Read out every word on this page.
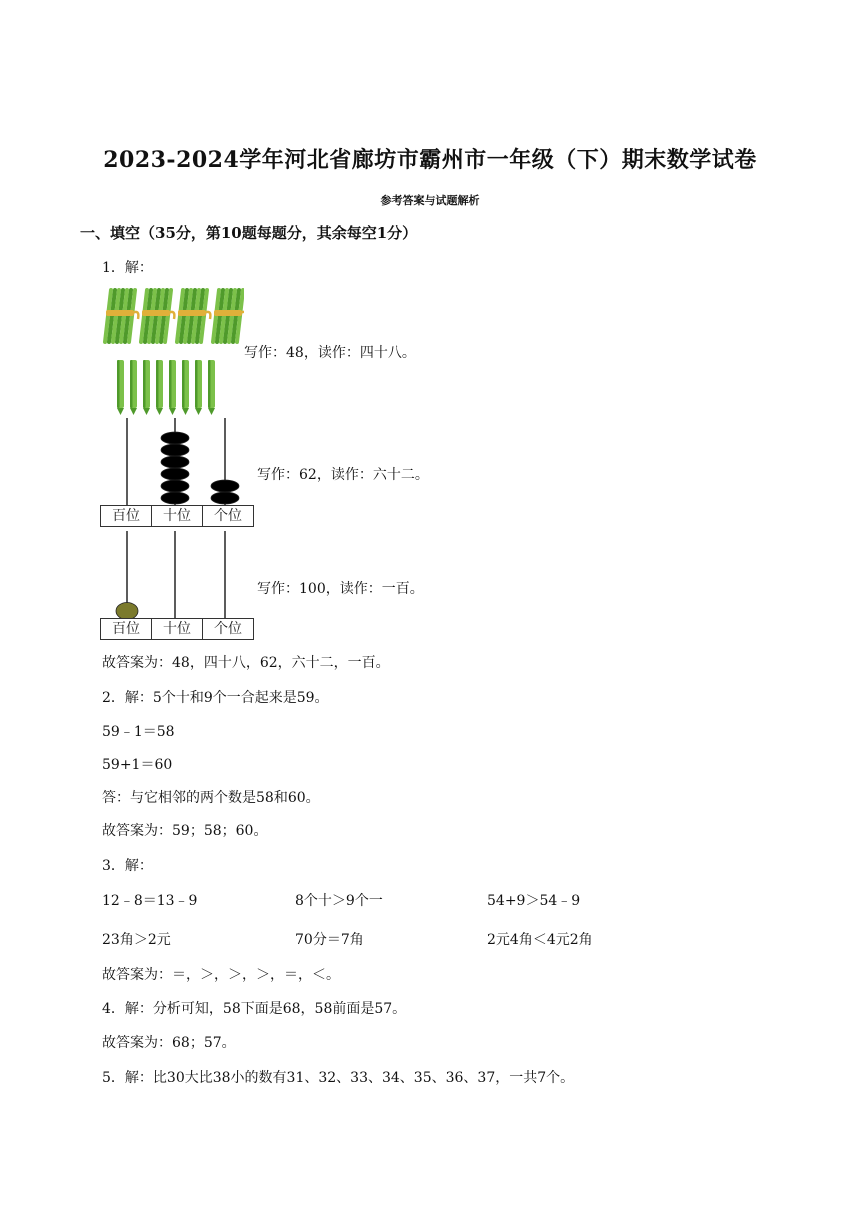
2023-2024学年河北省廊坊市霸州市一年级（下）期末数学试卷
参考答案与试题解析
一、填空（35分，第10题每题分，其余每空1分）
1．解：
写作：48，读作：四十八。
百位	十位	个位
写作：62，读作：六十二。
百位	十位	个位
写作：100，读作：一百。
故答案为：48，四十八，62，六十二，一百。
2．解：5个十和9个一合起来是59。
59﹣1＝58
59+1＝60
答：与它相邻的两个数是58和60。
故答案为：59；58；60。
3．解：
12﹣8＝13﹣9	8个十＞9个一	54+9＞54﹣9
23角＞2元	70分＝7角	2元4角＜4元2角
故答案为：＝，＞，＞，＞，＝，＜。
4．解：分析可知，58下面是68，58前面是57。
故答案为：68；57。
5．解：比30大比38小的数有31、32、33、34、35、36、37，一共7个。
